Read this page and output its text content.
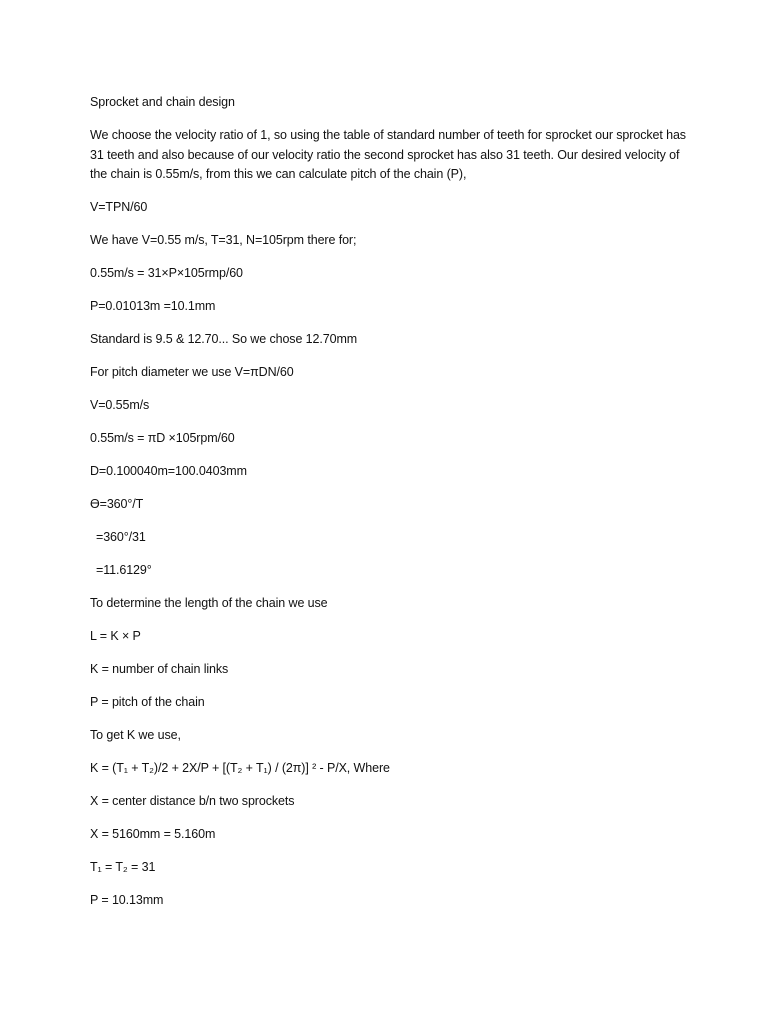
Sprocket and chain design
We choose the velocity ratio of 1, so using the table of standard number of teeth for sprocket our sprocket has 31 teeth and also because of our velocity ratio the second sprocket has also 31 teeth. Our desired velocity of the chain is 0.55m/s, from this we can calculate pitch of the chain (P),
V=TPN/60
We have V=0.55 m/s, T=31, N=105rpm there for;
0.55m/s = 31×P×105rmp/60
P=0.01013m =10.1mm
Standard is 9.5 & 12.70... So we chose 12.70mm
For pitch diameter we use V=πDN/60
V=0.55m/s
0.55m/s = πD ×105rpm/60
D=0.100040m=100.0403mm
Ɵ=360°/T
=360°/31
=11.6129°
To determine the length of the chain we use
L = K × P
K = number of chain links
P = pitch of the chain
To get K we use,
K = (T₁ + T₂)/2 + 2X/P + [(T₂ + T₁) / (2π)] ² - P/X, Where
X = center distance b/n two sprockets
X = 5160mm = 5.160m
T₁ = T₂ = 31
P = 10.13mm
